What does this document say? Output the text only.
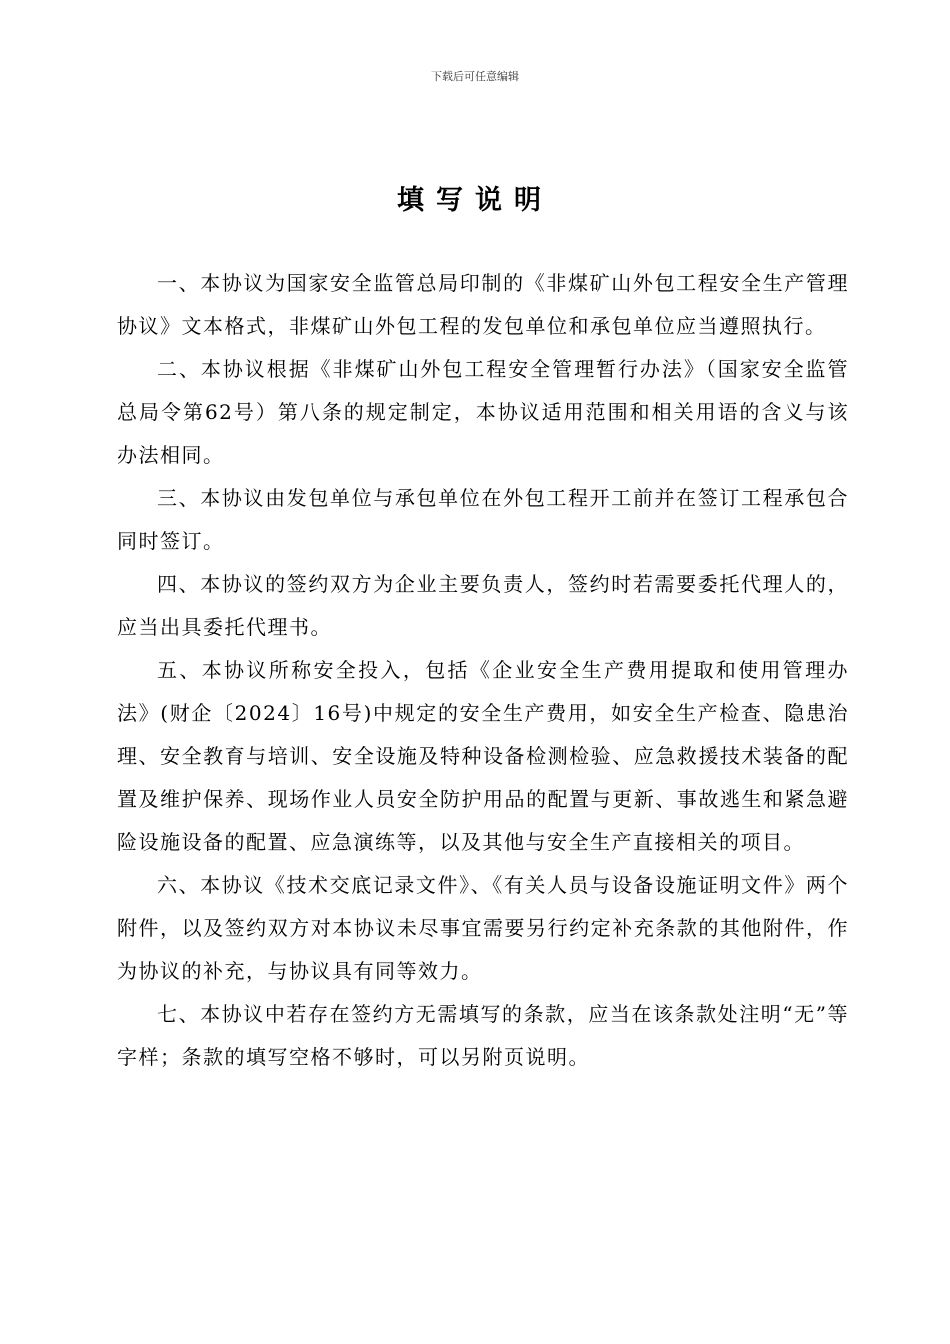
下载后可任意编辑
填写说明

一、本协议为国家安全监管总局印制的《非煤矿山外包工程安全生产管理协议》文本格式，非煤矿山外包工程的发包单位和承包单位应当遵照执行。

二、本协议根据《非煤矿山外包工程安全管理暂行办法》（国家安全监管总局令第62号）第八条的规定制定，本协议适用范围和相关用语的含义与该办法相同。

三、本协议由发包单位与承包单位在外包工程开工前并在签订工程承包合同时签订。

四、本协议的签约双方为企业主要负责人，签约时若需要委托代理人的，应当出具委托代理书。

五、本协议所称安全投入，包括《企业安全生产费用提取和使用管理办法》(财企〔2024〕16号)中规定的安全生产费用，如安全生产检查、隐患治理、安全教育与培训、安全设施及特种设备检测检验、应急救援技术装备的配置及维护保养、现场作业人员安全防护用品的配置与更新、事故逃生和紧急避险设施设备的配置、应急演练等，以及其他与安全生产直接相关的项目。

六、本协议《技术交底记录文件》、《有关人员与设备设施证明文件》两个附件，以及签约双方对本协议未尽事宜需要另行约定补充条款的其他附件，作为协议的补充，与协议具有同等效力。

七、本协议中若存在签约方无需填写的条款，应当在该条款处注明“无”等字样；条款的填写空格不够时，可以另附页说明。
